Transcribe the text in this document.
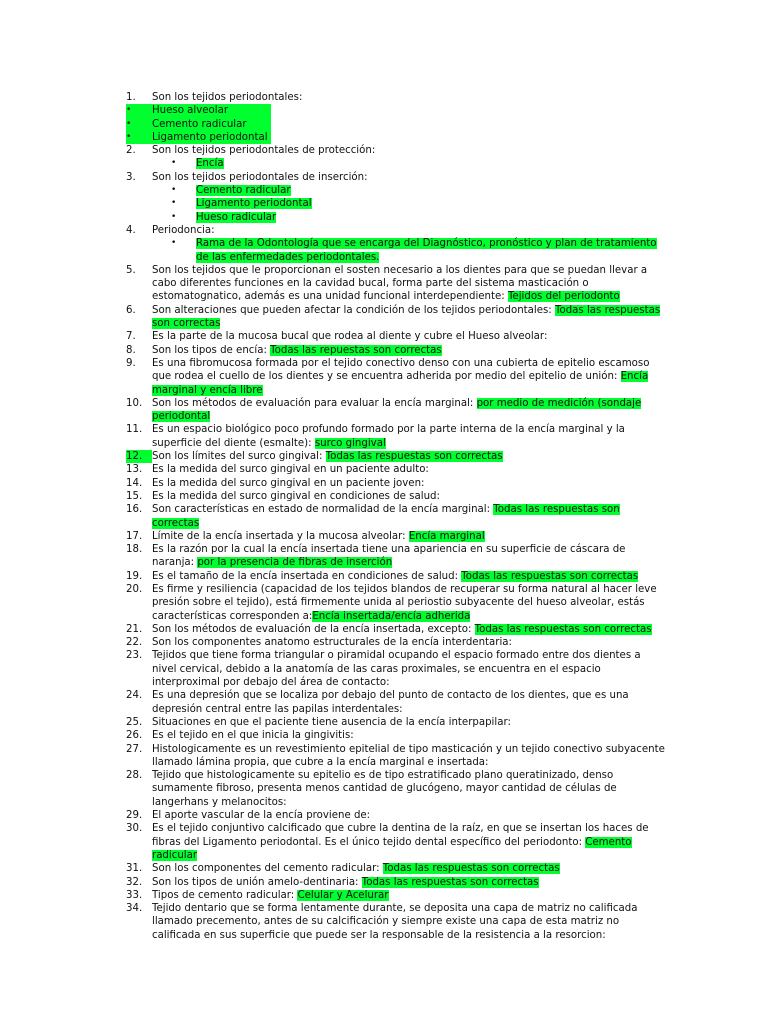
1.	Son los tejidos periodontales:
•	Hueso alveolar
•	Cemento radicular
•	Ligamento periodontal
2.	Son los tejidos periodontales de protección:
•	Encía
3.	Son los tejidos periodontales de inserción:
•	Cemento radicular
•	Ligamento periodontal
•	Hueso radicular
4.	Periodoncia:
•	Rama de la Odontología que se encarga del Diagnóstico, pronóstico y plan de tratamiento de las enfermedades periodontales.
5.	Son los tejidos que le proporcionan el sosten necesario a los dientes para que se puedan llevar a cabo diferentes funciones en la cavidad bucal, forma parte del sistema masticación o estomatognatico, además es una unidad funcional interdependiente: Tejidos del periodonto
6.	Son alteraciones que pueden afectar la condición de los tejidos periodontales: Todas las respuestas son correctas
7.	Es la parte de la mucosa bucal que rodea al diente y cubre el Hueso alveolar:
8.	Son los tipos de encía: Todas las repuestas son correctas
9.	Es una fibromucosa formada por el tejido conectivo denso con una cubierta de epitelio escamoso que rodea el cuello de los dientes y se encuentra adherida por medio del epitelio de unión: Encía marginal y encía libre
10. Son los métodos de evaluación para evaluar la encía marginal: por medio de medición (sondaje periodontal
11. Es un espacio biológico poco profundo formado por la parte interna de la encía marginal y la superficie del diente (esmalte): surco gingival
12. Son los límites del surco gingival: Todas las respuestas son correctas
13. Es la medida del surco gingival en un paciente adulto:
14. Es la medida del surco gingival en un paciente joven:
15. Es la medida del surco gingival en condiciones de salud:
16. Son características en estado de normalidad de la encía marginal: Todas las respuestas son correctas
17. Límite de la encía insertada y la mucosa alveolar: Encía marginal
18. Es la razón por la cual la encía insertada tiene una apariencia en su superficie de cáscara de naranja: por la presencia de fibras de inserción
19. Es el tamaño de la encía insertada en condiciones de salud: Todas las respuestas son correctas
20. Es firme y resiliencia (capacidad de los tejidos blandos de recuperar su forma natural al hacer leve presión sobre el tejido), está firmemente unida al periostio subyacente del hueso alveolar, estás características corresponden a:Encía insertada/encía adherida
21. Son los métodos de evaluación de la encía insertada, excepto: Todas las respuestas son correctas
22. Son los componentes anatomo estructurales de la encía interdentaria:
23. Tejidos que tiene forma triangular o piramidal ocupando el espacio formado entre dos dientes a nivel cervical, debido a la anatomía de las caras proximales, se encuentra en el espacio interproximal por debajo del área de contacto:
24. Es una depresión que se localiza por debajo del punto de contacto de los dientes, que es una depresión central entre las papilas interdentales:
25. Situaciones en que el paciente tiene ausencia de la encía interpapilar:
26. Es el tejido en el que inicia la gingivitis:
27. Histologicamente es un revestimiento epitelial de tipo masticación y un tejido conectivo subyacente llamado lámina propia, que cubre a la encía marginal e insertada:
28. Tejido que histologicamente su epitelio es de tipo estratificado plano queratinizado, denso sumamente fibroso, presenta menos cantidad de glucógeno, mayor cantidad de células de langerhans y melanocitos:
29. El aporte vascular de la encía proviene de:
30. Es el tejido conjuntivo calcificado que cubre la dentina de la raíz, en que se insertan los haces de fibras del Ligamento periodontal. Es el único tejido dental específico del periodonto: Cemento radicular
31. Son los componentes del cemento radicular: Todas las respuestas son correctas
32. Son los tipos de unión amelo-dentinaria: Todas las respuestas son correctas
33. Tipos de cemento radicular: Celular y Acelurar
34. Tejido dentario que se forma lentamente durante, se deposita una capa de matriz no calificada llamado precemento, antes de su calcificación y siempre existe una capa de esta matriz no calificada en sus superficie que puede ser la responsable de la resistencia a la resorcion:
